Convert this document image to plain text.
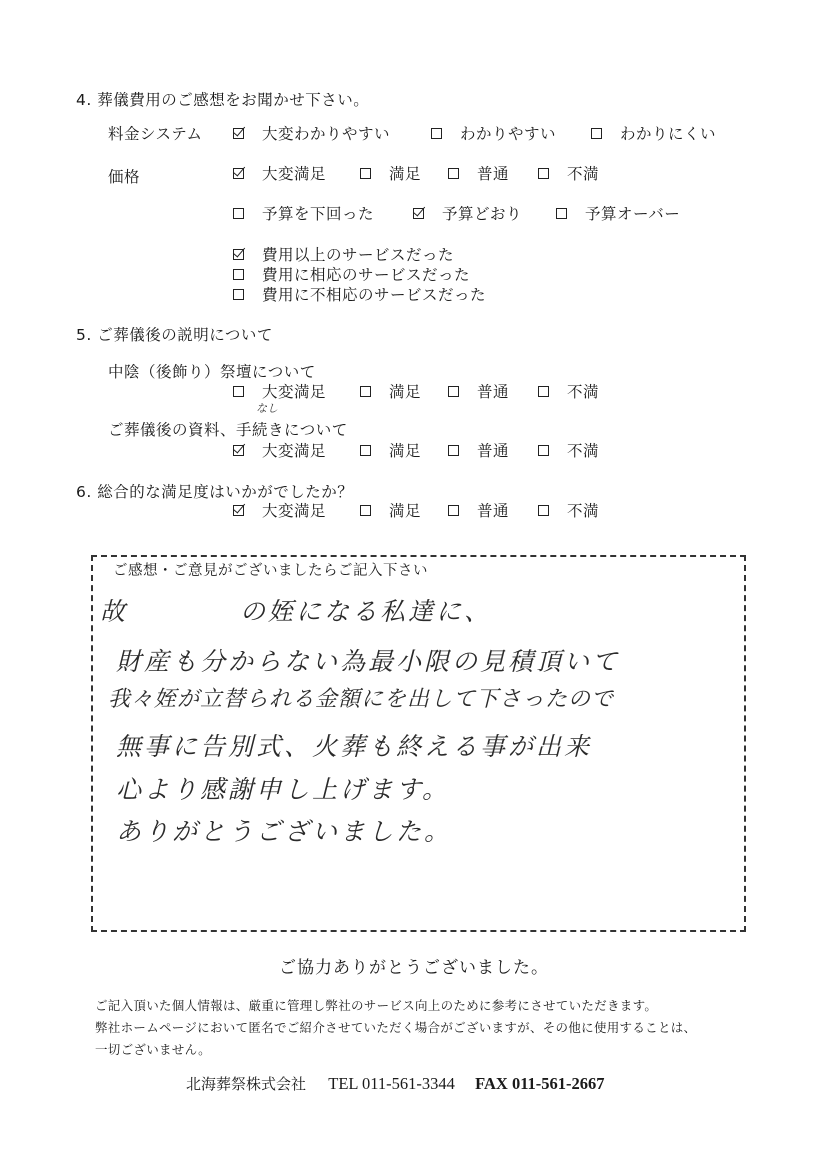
4. 葬儀費用のご感想をお聞かせ下さい。
料金システム	大変わかりやすい	わかりやすい	わかりにくい
価格	大変満足	満足	普通	不満
予算を下回った	予算どおり	予算オーバー
費用以上のサービスだった
費用に相応のサービスだった
費用に不相応のサービスだった
5. ご葬儀後の説明について
中陰（後飾り）祭壇について
大変満足	満足	普通	不満
なし
ご葬儀後の資料、手続きについて
大変満足	満足	普通	不満
6. 総合的な満足度はいかがでしたか？
大変満足	満足	普通	不満
ご感想・ご意見がございましたらご記入下さい
故　　　　の姪になる私達に、
財産も分からない為最小限の見積頂いて
我々姪が立替られる金額にを出して下さったので
無事に告別式、火葬も終える事が出来
心より感謝申し上げます。
ありがとうございました。
ご協力ありがとうございました。
ご記入頂いた個人情報は、厳重に管理し弊社のサービス向上のために参考にさせていただきます。
弊社ホームページにおいて匿名でご紹介させていただく場合がございますが、その他に使用することは、
一切ございません。
北海葬祭株式会社 TEL 011-561-3344 FAX 011-561-2667
